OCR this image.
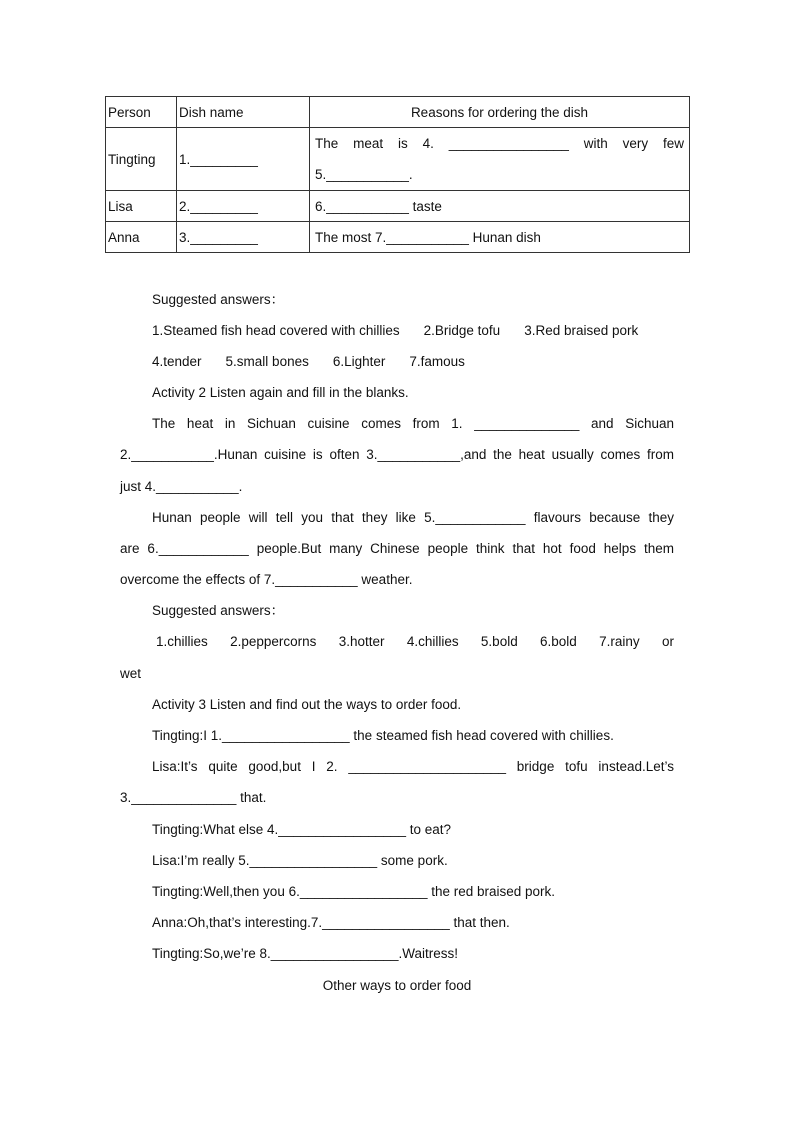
Person	Dish name	Reasons for ordering the dish
Tingting	1._________	The meat is 4. ________________ with very few 5.___________.
Lisa	2._________	6.___________ taste
Anna	3._________	The most 7.___________ Hunan dish
Suggested answers：
1.Steamed fish head covered with chillies 2.Bridge tofu 3.Red braised pork
4.tender 5.small bones 6.Lighter 7.famous
Activity 2 Listen again and fill in the blanks.
The heat in Sichuan cuisine comes from 1. ______________ and Sichuan
2.___________.Hunan cuisine is often 3.___________,and the heat usually comes from
just 4.___________.
Hunan people will tell you that they like 5.____________ flavours because they
are 6.____________ people.But many Chinese people think that hot food helps them
overcome the effects of 7.___________ weather.
Suggested answers：
1.chillies 2.peppercorns 3.hotter 4.chillies 5.bold 6.bold 7.rainy or
wet
Activity 3 Listen and find out the ways to order food.
Tingting:I 1._________________ the steamed fish head covered with chillies.
Lisa:It’s quite good,but I 2. _____________________ bridge tofu instead.Let’s
3.______________ that.
Tingting:What else 4._________________ to eat?
Lisa:I’m really 5._________________ some pork.
Tingting:Well,then you 6._________________ the red braised pork.
Anna:Oh,that’s interesting.7._________________ that then.
Tingting:So,we’re 8._________________.Waitress!
Other ways to order food
